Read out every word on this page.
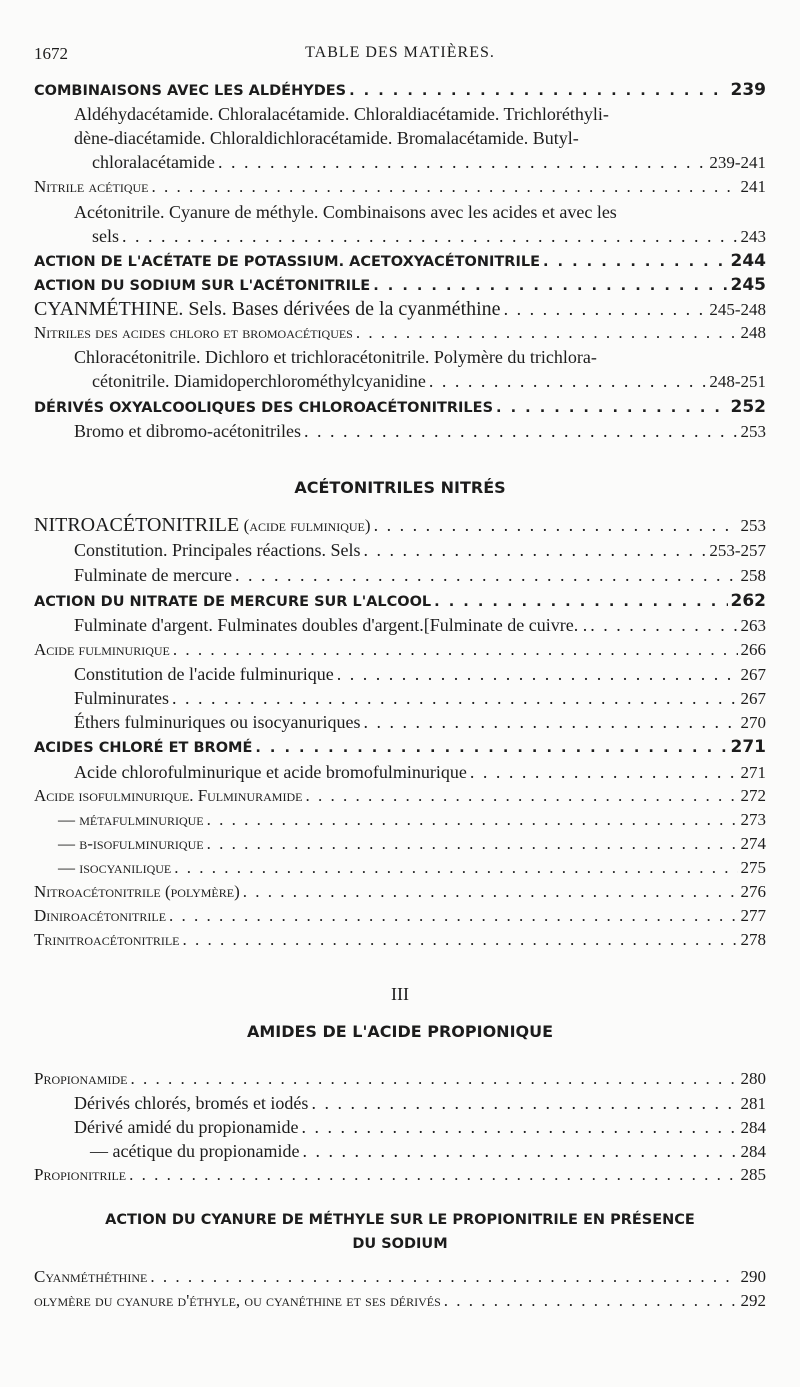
1672	TABLE DES MATIÈRES.
COMBINAISONS AVEC LES ALDÉHYDES . . .	239
Aldéhydacétamide. Chloralacétamide. Chloraldiacétamide. Trichloréthyli-
dène-diacétamide. Chloraldichloracétamide. Bromalacétamide. Butyl-
chloralacétamide . . .	239-241
Nitrile acétique . . .	241
Acétonitrile. Cyanure de méthyle. Combinaisons avec les acides et avec les
sels . . .	243
ACTION DE L'ACÉTATE DE POTASSIUM. ACETOXYACÉTONITRILE . . .	244
ACTION DU SODIUM SUR L'ACÉTONITRILE . . .	245
CYANMÉTHINE. Sels. Bases dérivées de la cyanméthine . . .	245-248
Nitriles des acides chloro et bromoacétiques . . .	248
Chloracétonitrile. Dichloro et trichloracétonitrile. Polymère du trichlora-
cétonitrile. Diamidoperchlorométhylcyanidine . . .	248-251
DÉRIVÉS OXYALCOOLIQUES DES CHLOROACÉTONITRILES . . .	252
Bromo et dibromo-acétonitriles . . .	253
ACÉTONITRILES NITRÉS
NITROACÉTONITRILE
(acide fulminique) . . .	253
Constitution. Principales réactions. Sels . . .	253-257
Fulminate de mercure . . .	258
ACTION DU NITRATE DE MERCURE SUR L'ALCOOL . . .	262
Fulminate d'argent. Fulminates doubles d'argent.[Fulminate de cuivre. . . . .	263
Acide fulminurique . . .	266
Constitution de l'acide fulminurique . . .	267
Fulminurates . . .	267
Éthers fulminuriques ou isocyanuriques . . .	270
ACIDES CHLORÉ ET BROMÉ . . .	271
Acide chlorofulminurique et acide bromofulminurique . . .	271
Acide isofulminurique. Fulminuramide . . .	272
— métafulminurique . . .	273
— β-isofulminurique . . .	274
— isocyanilique . . .	275
Nitroacétonitrile (polymère) . . .	276
Diniroacétonitrile . . .	277
Trinitroacétonitrile . . .	278
III
AMIDES DE L'ACIDE PROPIONIQUE
Propionamide . . .	280
Dérivés chlorés, bromés et iodés . . .	281
Dérivé amidé du propionamide . . .	284
— acétique du propionamide . . .	284
Propionitrile . . .	285
ACTION DU CYANURE DE MÉTHYLE SUR LE PROPIONITRILE EN PRÉSENCE
DU SODIUM
Cyanméthéthine . . .	290
olymère du cyanure d'éthyle, ou cyanéthine et ses dérivés . . .	292
